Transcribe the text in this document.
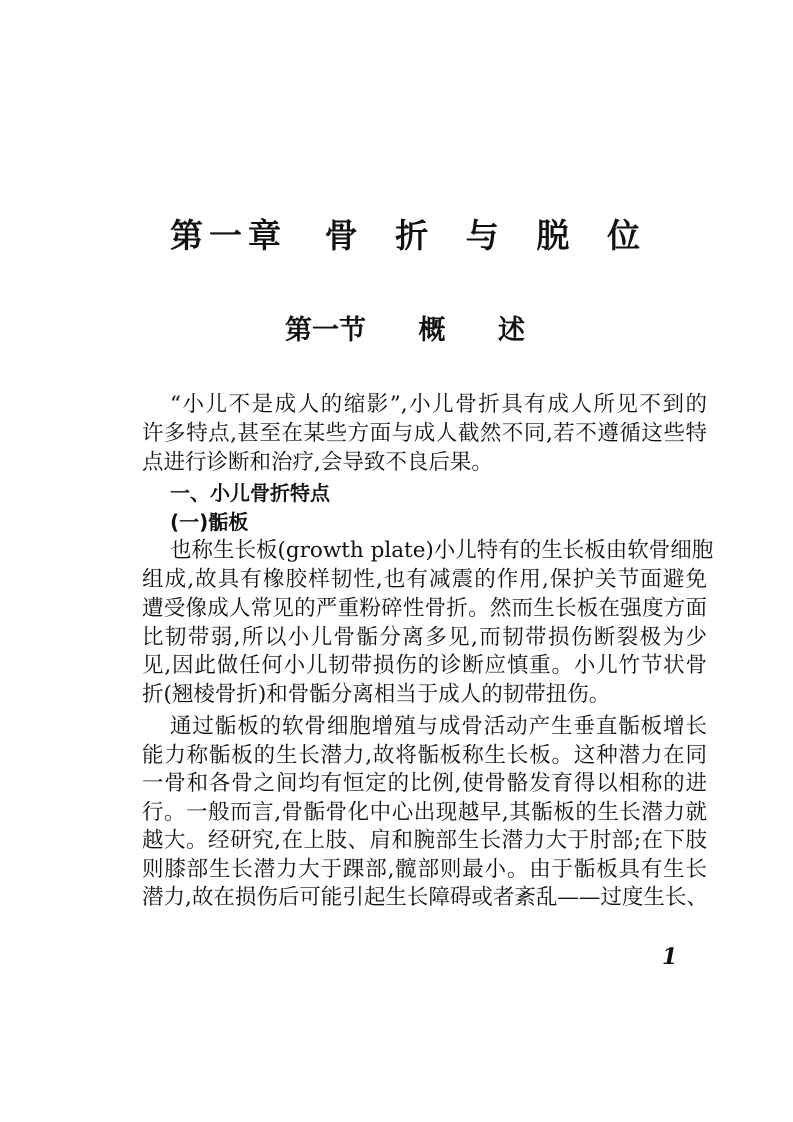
第一章 骨 折 与 脱 位
第一节 概 述
“小儿不是成人的缩影”,小儿骨折具有成人所见不到的
许多特点,甚至在某些方面与成人截然不同,若不遵循这些特
点进行诊断和治疗,会导致不良后果。
一、小儿骨折特点
(一)骺板
也称生长板(growth plate)小儿特有的生长板由软骨细胞
组成,故具有橡胶样韧性,也有减震的作用,保护关节面避免
遭受像成人常见的严重粉碎性骨折。然而生长板在强度方面
比韧带弱,所以小儿骨骺分离多见,而韧带损伤断裂极为少
见,因此做任何小儿韧带损伤的诊断应慎重。小儿竹节状骨
折(翘棱骨折)和骨骺分离相当于成人的韧带扭伤。
通过骺板的软骨细胞增殖与成骨活动产生垂直骺板增长
能力称骺板的生长潜力,故将骺板称生长板。这种潜力在同
一骨和各骨之间均有恒定的比例,使骨骼发育得以相称的进
行。一般而言,骨骺骨化中心出现越早,其骺板的生长潜力就
越大。经研究,在上肢、肩和腕部生长潜力大于肘部;在下肢
则膝部生长潜力大于踝部,髋部则最小。由于骺板具有生长
潜力,故在损伤后可能引起生长障碍或者紊乱——过度生长、
1
